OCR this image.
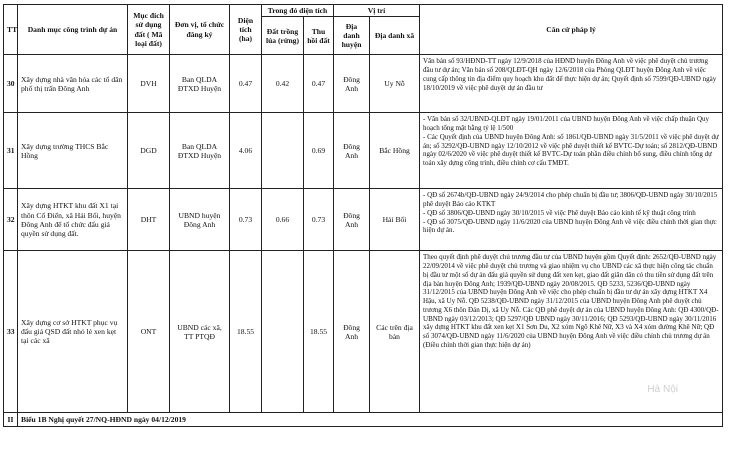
TT	Danh mục công trình dự án	Mục đích sử dụng đất ( Mã loại đất)	Đơn vị, tổ chức đăng ký	Diện tích (ha)	Trong đó diện tích		Vị trí		Căn cứ pháp lý
					Đất trồng lúa (rừng)	Thu hồi đất	Địa danh huyện	Địa danh xã	
30	Xây dựng nhà văn hóa các tổ dân phố thị trấn Đông Anh	DVH	Ban QLDA ĐTXD Huyện	0.47	0.42	0.47	Đông Anh	Uy Nỗ	Văn bản số 93/HĐND-TT ngày 12/9/2018 của HĐND huyện Đông Anh về việc phê duyệt chủ trương đầu tư dự án; Văn bản số 208/QLĐT-QH ngày 12/6/2018 của Phòng QLĐT huyện Đông Anh về việc cung cấp thông tin địa điểm quy hoạch khu đất để thực hiện dự án; Quyết định số 7599/QĐ-UBND ngày 18/10/2019 về việc phê duyệt dự án đầu tư

31	Xây dựng trường THCS Bắc Hồng	DGD	Ban QLDA ĐTXD Huyện	4.06		0.69	Đông Anh	Bắc Hồng	- Văn bản số 32/UBND-QLĐT ngày 19/01/2011 của UBND huyện Đông Anh về việc chấp thuận Quy hoạch tổng mặt bằng tỷ lệ 1/500
- Các Quyết định của UBND huyện Đông Anh: số 1861/QĐ-UBND ngày 31/5/2011 về việc phê duyệt dự án; số 3292/QĐ-UBND ngày 12/10/2012 về việc phê duyệt thiết kế BVTC-Dự toán; số 2812/QĐ-UBND ngày 02/6/2020 về việc phê duyệt thiết kế BVTC-Dự toán phần điều chỉnh bổ sung, điều chỉnh tổng dự toán xây dựng công trình, điều chỉnh cơ cấu TMĐT.

32	Xây dựng HTKT khu đất X1 tại thôn Cổ Điển, xã Hải Bối, huyện Đông Anh để tổ chức đấu giá quyền sử dụng đất.	DHT	UBND huyện Đông Anh	0.73	0.66	0.73	Đông Anh	Hải Bối	- QĐ số 2674b/QĐ-UBND ngày 24/9/2014 cho phép chuẩn bị đầu tư; 3806/QĐ-UBND ngày 30/10/2015 phê duyệt Báo cáo KTKT
- QĐ số 3806/QĐ-UBND ngày 30/10/2015 về việc Phê duyệt Báo cáo kinh tế kỹ thuật công trình
- QĐ số 3075/QĐ-UBND ngày 11/6/2020 của UBND huyện Đông Anh về việc điều chỉnh thời gian thực hiện dự án.

33	Xây dựng cơ sở HTKT phục vụ đấu giá QSD đất nhỏ lẻ xen kẹt tại các xã	ONT	UBND các xã, TT PTQĐ	18.55		18.55	Đông Anh	Các trên địa bàn	Theo quyết định phê duyệt chủ trương đầu tư của UBND huyện gồm Quyết định: 2652/QĐ-UBND ngày 22/09/2014 về việc phê duyệt chủ trương và giao nhiệm vụ cho UBND các xã thực hiện công tác chuẩn bị đầu tư một số dự án đấu giá quyền sử dụng đất xen kẹt, giao đất giãn dân có thu tiền sử dụng đất trên địa bàn huyện Đông Anh; 1939/QĐ-UBND ngày 20/08/2015. QĐ 5233, 5236/QĐ-UBND ngày 31/12/2015 của UBND huyện Đông Anh về việc cho phép chuẩn bị đầu tư dự án xây dựng HTKT X4 Hậu, xã Uy Nỗ. QĐ 5238/QĐ-UBND ngày 31/12/2015 của UBND huyện Đông Anh phê duyệt chủ trương X6 thôn Đản Dị, xã Uy Nỗ. Các QĐ phê duyệt dự án của UBND huyện Đông Anh: QĐ 4300/QĐ-UBND ngày 03/12/2013; QĐ 5297/QĐ UBND ngày 30/11/2016; QĐ 5293/QĐ-UBND ngày 30/11/2016 xây dựng HTKT khu đất xen kẹt X1 Sơn Du, X2 xóm Ngõ Khê Nữ, X3 và X4 xóm đường Khê Nữ; QĐ số 3074/QĐ-UBND ngày 11/6/2020 của UBND huyện Đông Anh về việc điều chỉnh chủ trương dự án (Điều chỉnh thời gian thực hiện dự án)

II	Biểu 1B Nghị quyết 27/NQ-HĐND ngày 04/12/2019								
Hà Nội
